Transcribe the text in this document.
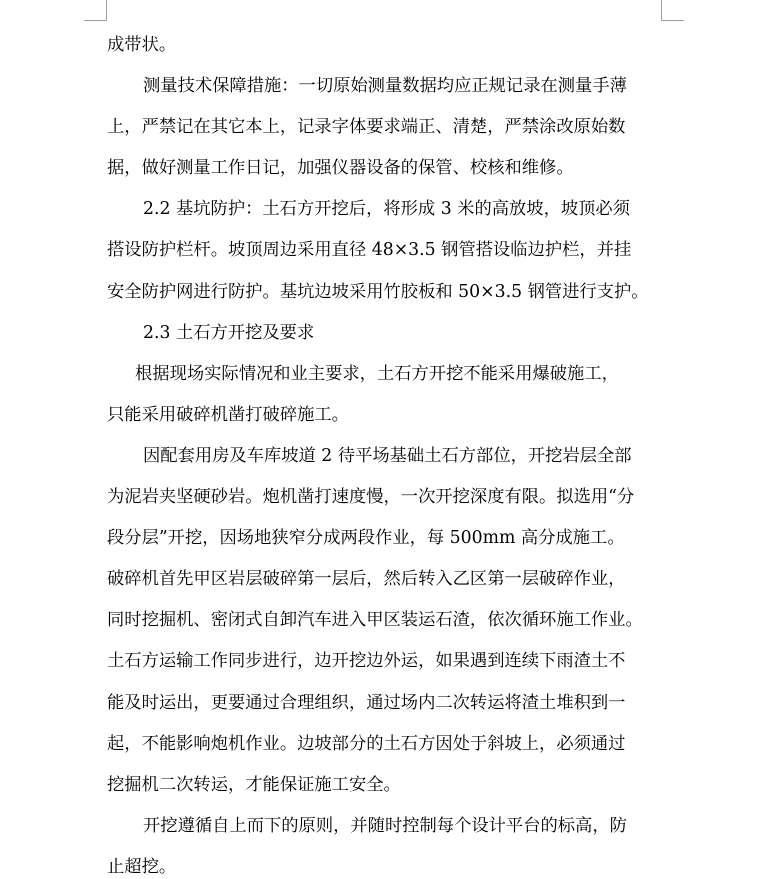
成带状。
测量技术保障措施：一切原始测量数据均应正规记录在测量手薄
上，严禁记在其它本上，记录字体要求端正、清楚，严禁涂改原始数
据，做好测量工作日记，加强仪器设备的保管、校核和维修。
2.2 基坑防护：土石方开挖后，将形成 3 米的高放坡，坡顶必须
搭设防护栏杆。坡顶周边采用直径 48×3.5 钢管搭设临边护栏，并挂
安全防护网进行防护。基坑边坡采用竹胶板和 50×3.5 钢管进行支护。
2.3 土石方开挖及要求
根据现场实际情况和业主要求，土石方开挖不能采用爆破施工，
只能采用破碎机凿打破碎施工。
因配套用房及车库坡道 2 待平场基础土石方部位，开挖岩层全部
为泥岩夹坚硬砂岩。炮机凿打速度慢，一次开挖深度有限。拟选用“分
段分层”开挖，因场地狭窄分成两段作业，每 500mm 高分成施工。
破碎机首先甲区岩层破碎第一层后，然后转入乙区第一层破碎作业，
同时挖掘机、密闭式自卸汽车进入甲区装运石渣，依次循环施工作业。
土石方运输工作同步进行，边开挖边外运，如果遇到连续下雨渣土不
能及时运出，更要通过合理组织，通过场内二次转运将渣土堆积到一
起，不能影响炮机作业。边坡部分的土石方因处于斜坡上，必须通过
挖掘机二次转运，才能保证施工安全。
开挖遵循自上而下的原则，并随时控制每个设计平台的标高，防
止超挖。
